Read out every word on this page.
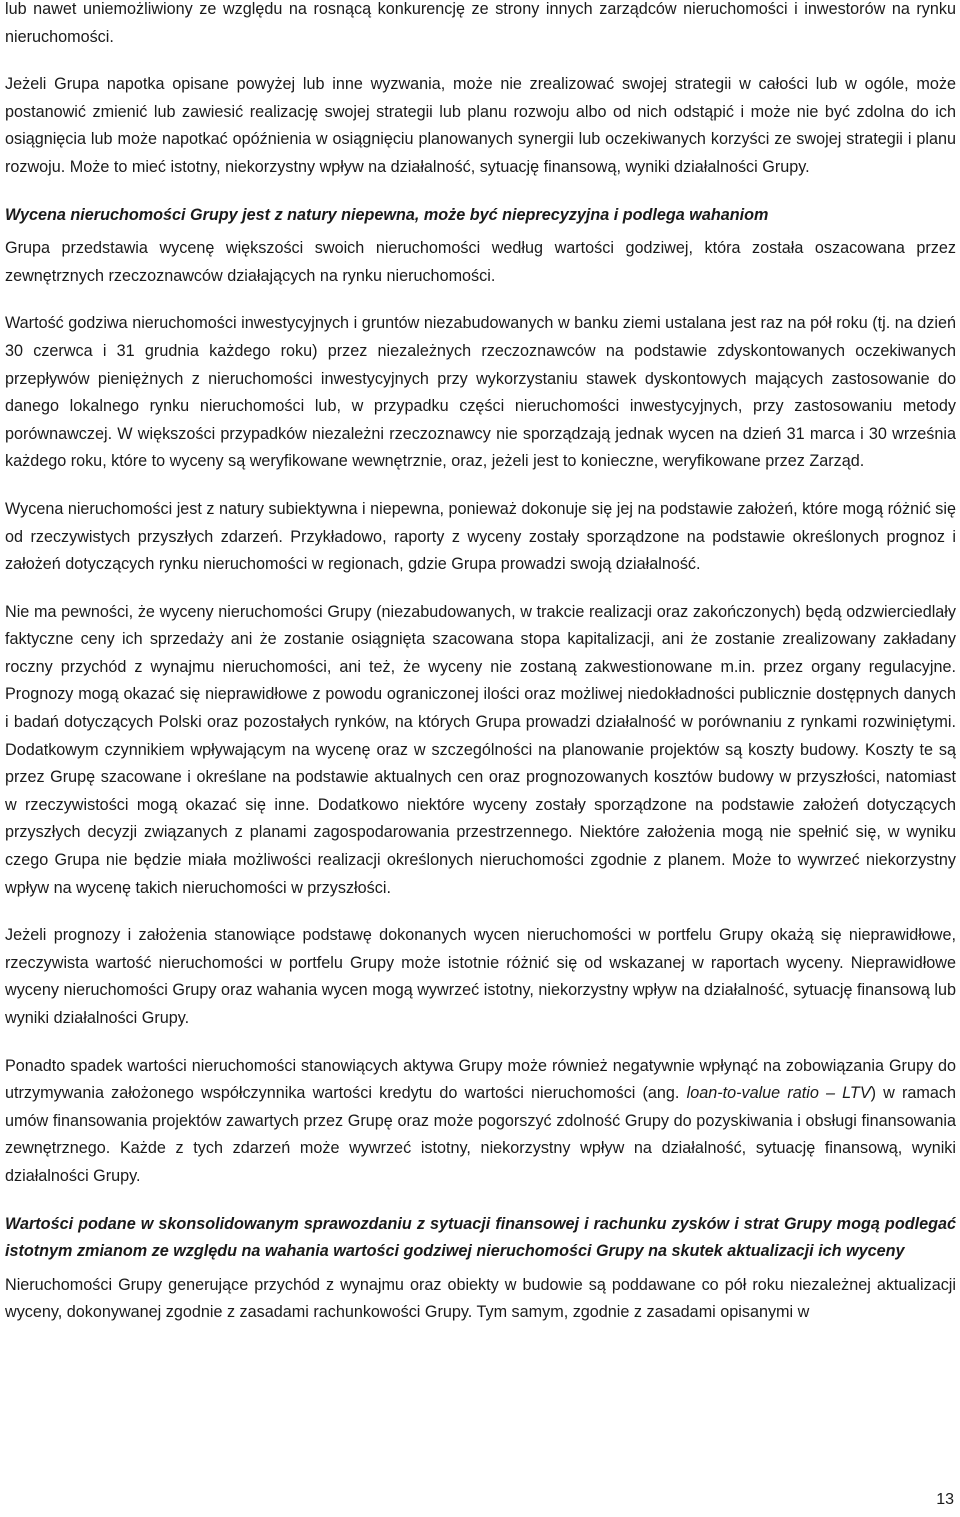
lub nawet uniemożliwiony ze względu na rosnącą konkurencję ze strony innych zarządców nieruchomości i inwestorów na rynku nieruchomości.

Jeżeli Grupa napotka opisane powyżej lub inne wyzwania, może nie zrealizować swojej strategii w całości lub w ogóle, może postanowić zmienić lub zawiesić realizację swojej strategii lub planu rozwoju albo od nich odstąpić i może nie być zdolna do ich osiągnięcia lub może napotkać opóźnienia w osiągnięciu planowanych synergii lub oczekiwanych korzyści ze swojej strategii i planu rozwoju. Może to mieć istotny, niekorzystny wpływ na działalność, sytuację finansową, wyniki działalności Grupy.

Wycena nieruchomości Grupy jest z natury niepewna, może być nieprecyzyjna i podlega wahaniom

Grupa przedstawia wycenę większości swoich nieruchomości według wartości godziwej, która została oszacowana przez zewnętrznych rzeczoznawców działających na rynku nieruchomości.

Wartość godziwa nieruchomości inwestycyjnych i gruntów niezabudowanych w banku ziemi ustalana jest raz na pół roku (tj. na dzień 30 czerwca i 31 grudnia każdego roku) przez niezależnych rzeczoznawców na podstawie zdyskontowanych oczekiwanych przepływów pieniężnych z nieruchomości inwestycyjnych przy wykorzystaniu stawek dyskontowych mających zastosowanie do danego lokalnego rynku nieruchomości lub, w przypadku części nieruchomości inwestycyjnych, przy zastosowaniu metody porównawczej. W większości przypadków niezależni rzeczoznawcy nie sporządzają jednak wycen na dzień 31 marca i 30 września każdego roku, które to wyceny są weryfikowane wewnętrznie, oraz, jeżeli jest to konieczne, weryfikowane przez Zarząd.

Wycena nieruchomości jest z natury subiektywna i niepewna, ponieważ dokonuje się jej na podstawie założeń, które mogą różnić się od rzeczywistych przyszłych zdarzeń. Przykładowo, raporty z wyceny zostały sporządzone na podstawie określonych prognoz i założeń dotyczących rynku nieruchomości w regionach, gdzie Grupa prowadzi swoją działalność.

Nie ma pewności, że wyceny nieruchomości Grupy (niezabudowanych, w trakcie realizacji oraz zakończonych) będą odzwierciedlały faktyczne ceny ich sprzedaży ani że zostanie osiągnięta szacowana stopa kapitalizacji, ani że zostanie zrealizowany zakładany roczny przychód z wynajmu nieruchomości, ani też, że wyceny nie zostaną zakwestionowane m.in. przez organy regulacyjne. Prognozy mogą okazać się nieprawidłowe z powodu ograniczonej ilości oraz możliwej niedokładności publicznie dostępnych danych i badań dotyczących Polski oraz pozostałych rynków, na których Grupa prowadzi działalność w porównaniu z rynkami rozwiniętymi. Dodatkowym czynnikiem wpływającym na wycenę oraz w szczególności na planowanie projektów są koszty budowy. Koszty te są przez Grupę szacowane i określane na podstawie aktualnych cen oraz prognozowanych kosztów budowy w przyszłości, natomiast w rzeczywistości mogą okazać się inne. Dodatkowo niektóre wyceny zostały sporządzone na podstawie założeń dotyczących przyszłych decyzji związanych z planami zagospodarowania przestrzennego. Niektóre założenia mogą nie spełnić się, w wyniku czego Grupa nie będzie miała możliwości realizacji określonych nieruchomości zgodnie z planem. Może to wywrzeć niekorzystny wpływ na wycenę takich nieruchomości w przyszłości.

Jeżeli prognozy i założenia stanowiące podstawę dokonanych wycen nieruchomości w portfelu Grupy okażą się nieprawidłowe, rzeczywista wartość nieruchomości w portfelu Grupy może istotnie różnić się od wskazanej w raportach wyceny. Nieprawidłowe wyceny nieruchomości Grupy oraz wahania wycen mogą wywrzeć istotny, niekorzystny wpływ na działalność, sytuację finansową lub wyniki działalności Grupy.

Ponadto spadek wartości nieruchomości stanowiących aktywa Grupy może również negatywnie wpłynąć na zobowiązania Grupy do utrzymywania założonego współczynnika wartości kredytu do wartości nieruchomości (ang. loan-to-value ratio – LTV) w ramach umów finansowania projektów zawartych przez Grupę oraz może pogorszyć zdolność Grupy do pozyskiwania i obsługi finansowania zewnętrznego. Każde z tych zdarzeń może wywrzeć istotny, niekorzystny wpływ na działalność, sytuację finansową, wyniki działalności Grupy.

Wartości podane w skonsolidowanym sprawozdaniu z sytuacji finansowej i rachunku zysków i strat Grupy mogą podlegać istotnym zmianom ze względu na wahania wartości godziwej nieruchomości Grupy na skutek aktualizacji ich wyceny

Nieruchomości Grupy generujące przychód z wynajmu oraz obiekty w budowie są poddawane co pół roku niezależnej aktualizacji wyceny, dokonywanej zgodnie z zasadami rachunkowości Grupy. Tym samym, zgodnie z zasadami opisanymi w

13
